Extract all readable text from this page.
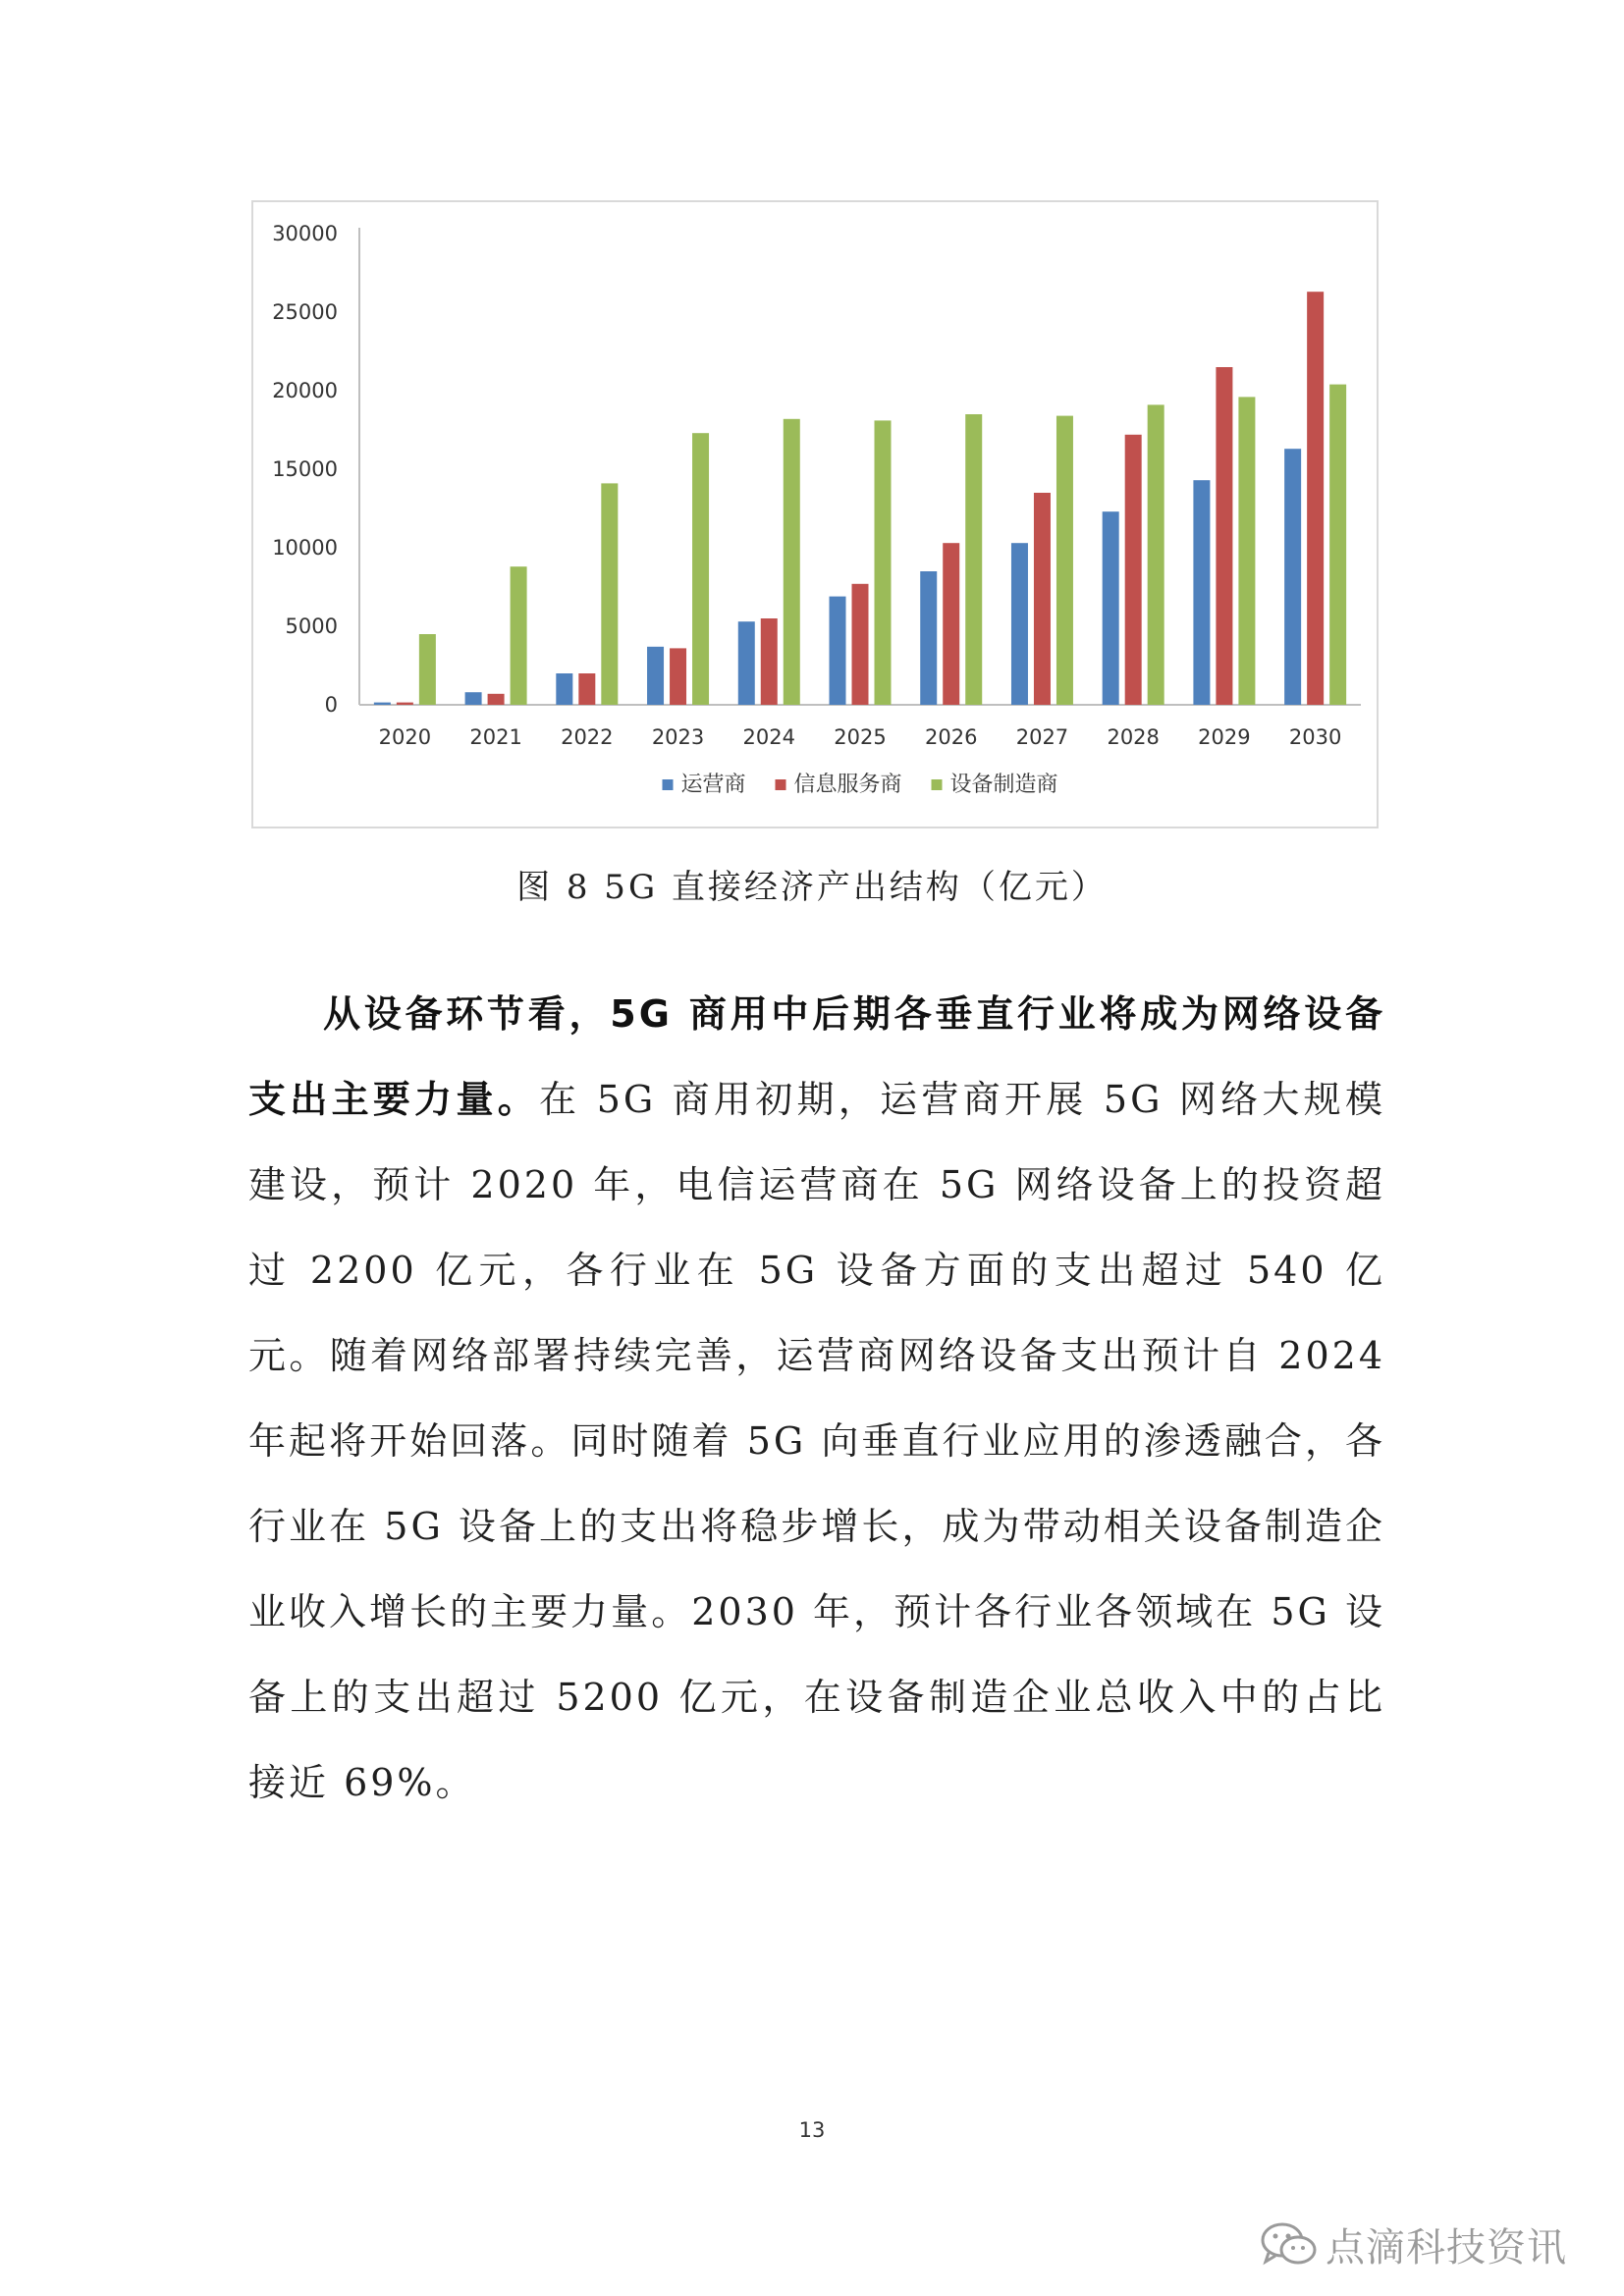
0
5000
10000
15000
20000
25000
30000
2020 2021 2022 2023 2024 2025 2026 2027 2028 2029 2030
运营商 信息服务商 设备制造商
图 8 5G 直接经济产出结构（亿元）

从设备环节看，5G 商用中后期各垂直行业将成为网络设备支出主要力量。在 5G 商用初期，运营商开展 5G 网络大规模建设，预计 2020 年，电信运营商在 5G 网络设备上的投资超过 2200 亿元，各行业在 5G 设备方面的支出超过 540 亿元。随着网络部署持续完善，运营商网络设备支出预计自 2024 年起将开始回落。同时随着 5G 向垂直行业应用的渗透融合，各行业在 5G 设备上的支出将稳步增长，成为带动相关设备制造企业收入增长的主要力量。2030 年，预计各行业各领域在 5G 设备上的支出超过 5200 亿元，在设备制造企业总收入中的占比接近 69%。

13
点滴科技资讯
